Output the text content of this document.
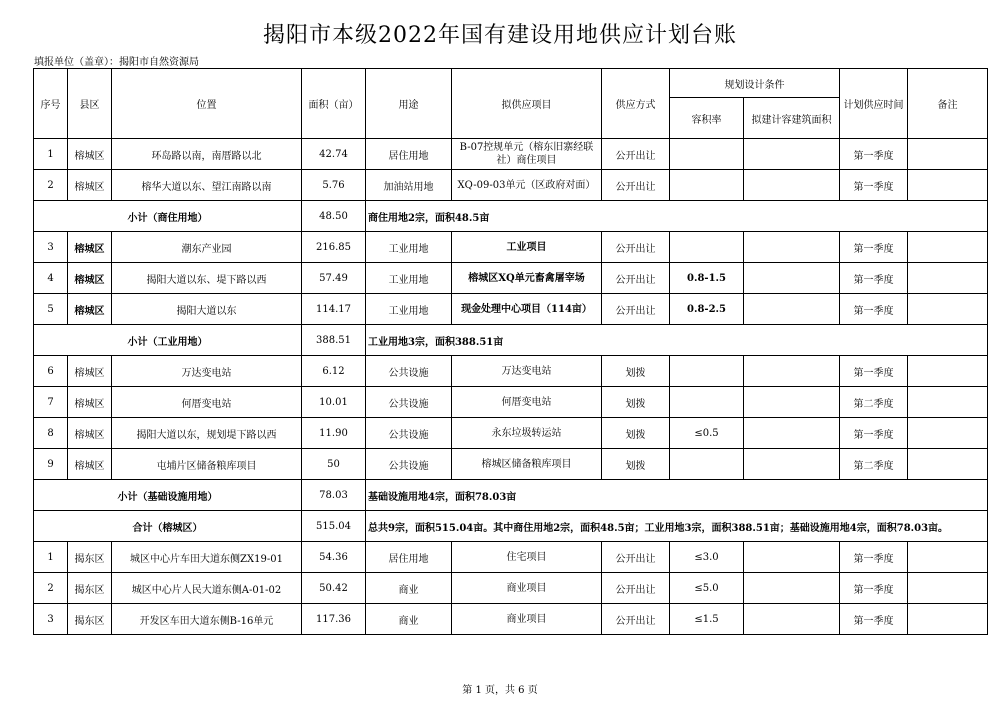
揭阳市本级2022年国有建设用地供应计划台账
填报单位（盖章）：揭阳市自然资源局
序号	县区	位置	面积（亩）	用途	拟供应项目	供应方式	规划设计条件		计划供应时间	备注
							容积率	拟建计容建筑面积		
1	榕城区	环岛路以南，南厝路以北	42.74	居住用地	B-07控规单元（榕东旧寨经联社）商住项目	公开出让			第一季度	
2	榕城区	榕华大道以东、望江南路以南	5.76	加油站用地	XQ-09-03单元（区政府对面）	公开出让			第一季度	
小计（商住用地）			48.50	商住用地2宗，面积48.5亩						
3	榕城区	潮东产业园	216.85	工业用地	工业项目	公开出让			第一季度	
4	榕城区	揭阳大道以东、堤下路以西	57.49	工业用地	榕城区XQ单元畜禽屠宰场	公开出让	0.8-1.5		第一季度	
5	榕城区	揭阳大道以东	114.17	工业用地	现金处理中心项目（114亩）	公开出让	0.8-2.5		第一季度	
小计（工业用地）			388.51	工业用地3宗，面积388.51亩						
6	榕城区	万达变电站	6.12	公共设施	万达变电站	划拨			第一季度	
7	榕城区	何厝变电站	10.01	公共设施	何厝变电站	划拨			第二季度	
8	榕城区	揭阳大道以东，规划堤下路以西	11.90	公共设施	永东垃圾转运站	划拨	≤0.5		第一季度	
9	榕城区	屯埔片区储备粮库项目	50	公共设施	榕城区储备粮库项目	划拨			第二季度	
小计（基础设施用地）			78.03	基础设施用地4宗，面积78.03亩						
合计（榕城区）			515.04	总共9宗，面积515.04亩。其中商住用地2宗，面积48.5亩；工业用地3宗，面积388.51亩；基础设施用地4宗，面积78.03亩。						
1	揭东区	城区中心片车田大道东侧ZX19-01	54.36	居住用地	住宅项目	公开出让	≤3.0		第一季度	
2	揭东区	城区中心片人民大道东侧A-01-02	50.42	商业	商业项目	公开出让	≤5.0		第一季度	
3	揭东区	开发区车田大道东侧B-16单元	117.36	商业	商业项目	公开出让	≤1.5		第一季度	
第 1 页，共 6 页
